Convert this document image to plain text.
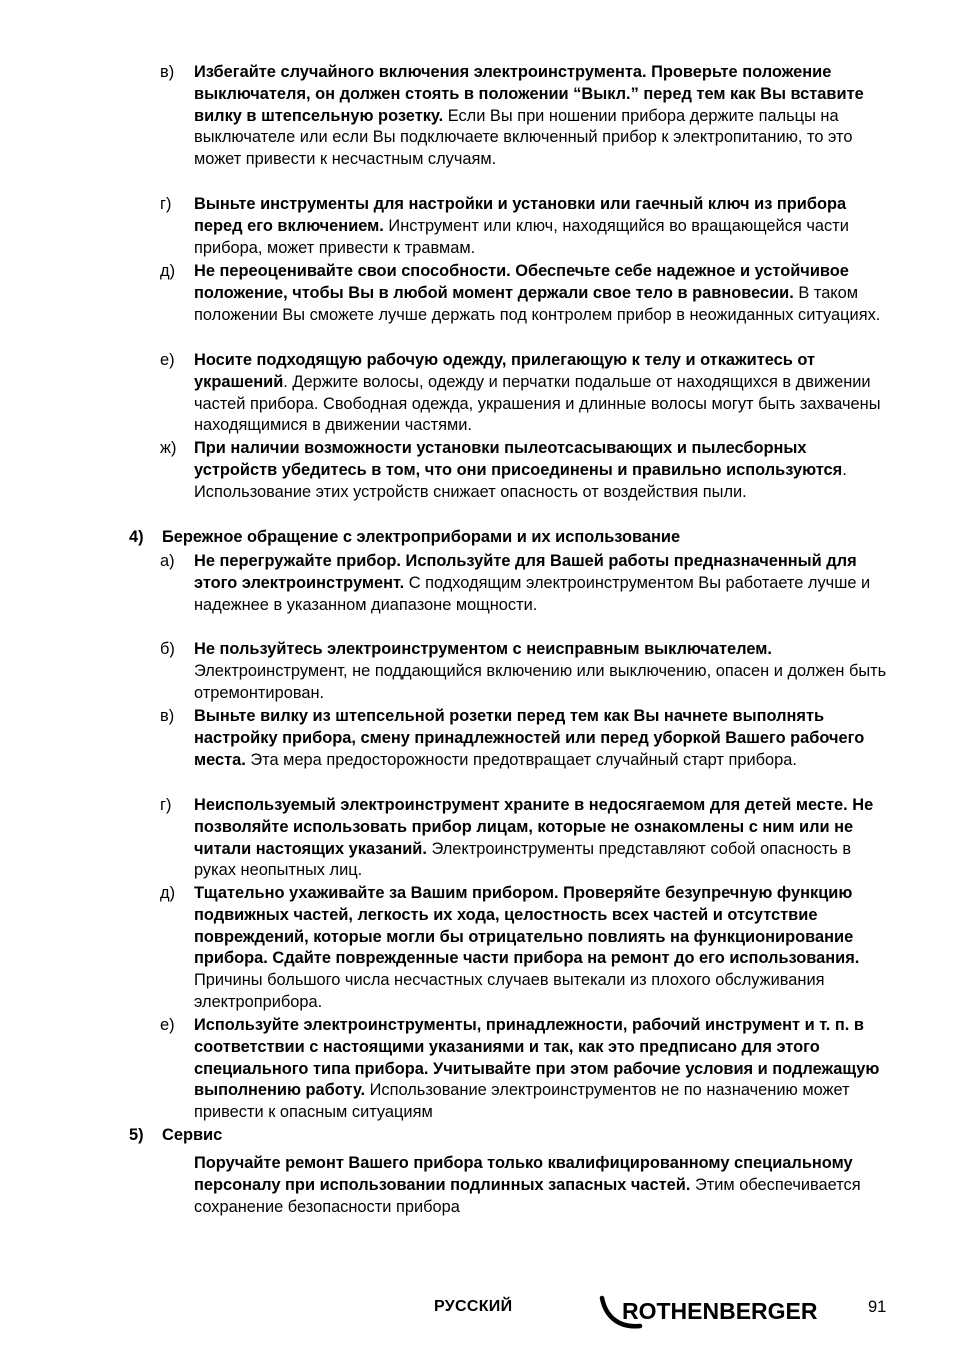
в)	Избегайте случайного включения электроинструмента. Проверьте положение выключателя, он должен стоять в положении “Выкл.” перед тем как Вы вставите вилку в штепсельную розетку. Если Вы при ношении прибора держите пальцы на выключателе или если Вы подключаете включенный прибор к электропитанию, то это может привести к несчастным случаям.
г)	Выньте инструменты для настройки и установки или гаечный ключ из прибора перед его включением. Инструмент или ключ, находящийся во вращающейся части прибора, может привести к травмам.
д)	Не переоценивайте свои способности. Обеспечьте себе надежное и устойчивое положение, чтобы Вы в любой момент держали свое тело в равновесии. В таком положении Вы сможете лучше держать под контролем прибор в неожиданных ситуациях.
е)	Носите подходящую рабочую одежду, прилегающую к телу и откажитесь от украшений. Держите волосы, одежду и перчатки подальше от находящихся в движении частей прибора. Свободная одежда, украшения и длинные волосы могут быть захвачены находящимися в движении частями.
ж)	При наличии возможности установки пылеотсасывающих и пылесборных устройств убедитесь в том, что они присоединены и правильно используются. Использование этих устройств снижает опасность от воздействия пыли.
4) Бережное обращение с электроприборами и их использование
а)	Не перегружайте прибор. Используйте для Вашей работы предназначенный для этого электроинструмент. С подходящим электроинструментом Вы работаете лучше и надежнее в указанном диапазоне мощности.
б)	Не пользуйтесь электроинструментом с неисправным выключателем. Электроинструмент, не поддающийся включению или выключению, опасен и должен быть отремонтирован.
в)	Выньте вилку из штепсельной розетки перед тем как Вы начнете выполнять настройку прибора, смену принадлежностей или перед уборкой Вашего рабочего места. Эта мера предосторожности предотвращает случайный старт прибора.
г)	Неиспользуемый электроинструмент храните в недосягаемом для детей месте. Не позволяйте использовать прибор лицам, которые не ознакомлены с ним или не читали настоящих указаний. Электроинструменты представляют собой опасность в руках неопытных лиц.
д)	Тщательно ухаживайте за Вашим прибором. Проверяйте безупречную функцию подвижных частей, легкость их хода, целостность всех частей и отсутствие повреждений, которые могли бы отрицательно повлиять на функционирование прибора. Сдайте поврежденные части прибора на ремонт до его использования. Причины большого числа несчастных случаев вытекали из плохого обслуживания электроприбора.
е)	Используйте электроинструменты, принадлежности, рабочий инструмент и т. п. в соответствии с настоящими указаниями и так, как это предписано для этого специального типа прибора. Учитывайте при этом рабочие условия и подлежащую выполнению работу. Использование электроинструментов не по назначению может привести к опасным ситуациям
5) Сервис
Поручайте ремонт Вашего прибора только квалифицированному специальному персоналу при использовании подлинных запасных частей. Этим обеспечивается сохранение безопасности прибора
РУССКИЙ	ROTHENBERGER	91
